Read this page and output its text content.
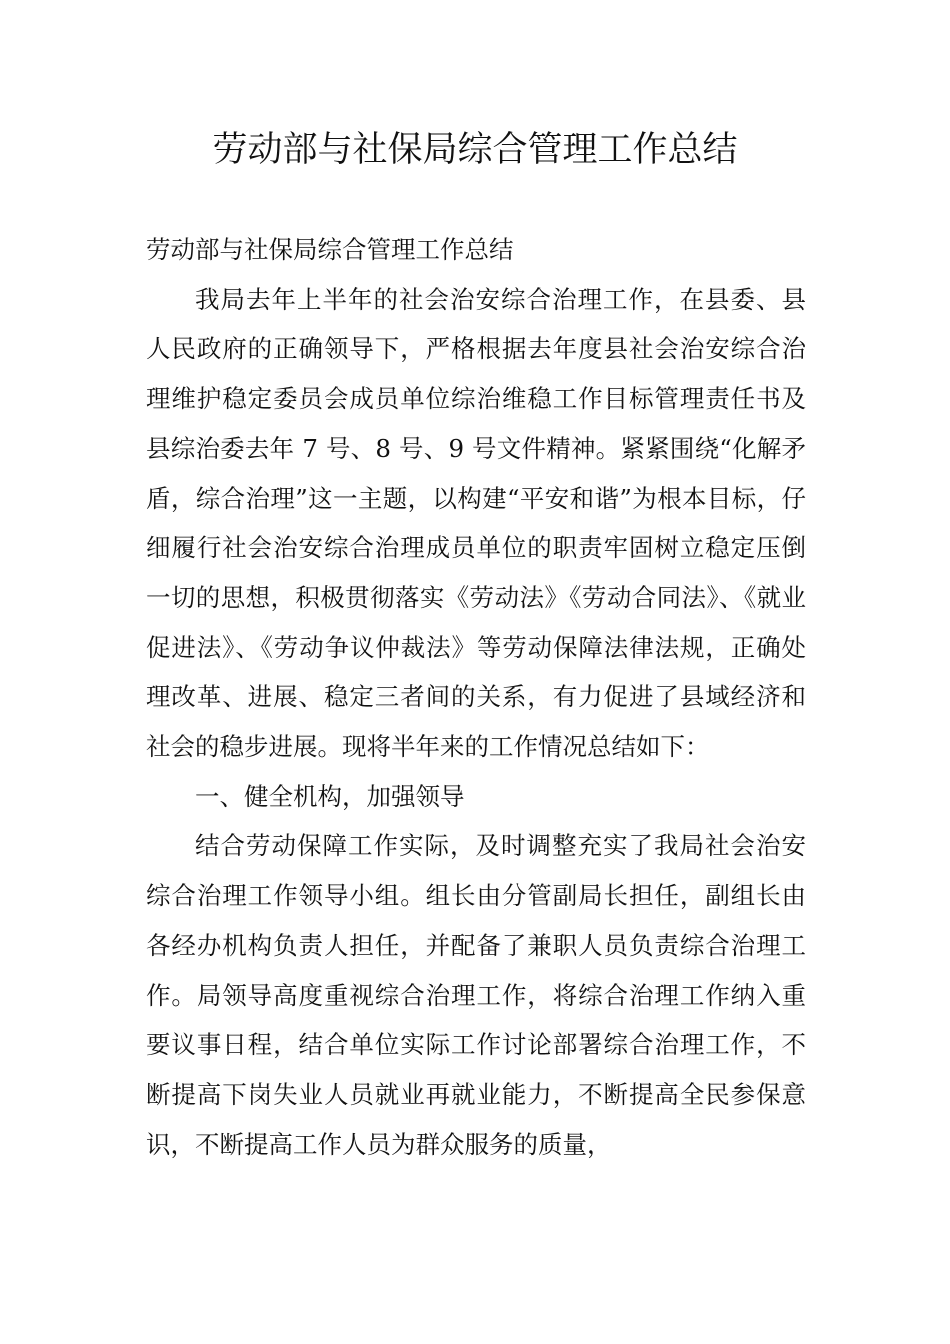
劳动部与社保局综合管理工作总结

劳动部与社保局综合管理工作总结

我局去年上半年的社会治安综合治理工作，在县委、县人民政府的正确领导下，严格根据去年度县社会治安综合治理维护稳定委员会成员单位综治维稳工作目标管理责任书及县综治委去年 7 号、8 号、9 号文件精神。紧紧围绕“化解矛盾，综合治理”这一主题，以构建“平安和谐”为根本目标，仔细履行社会治安综合治理成员单位的职责牢固树立稳定压倒一切的思想，积极贯彻落实《劳动法》《劳动合同法》、《就业促进法》、《劳动争议仲裁法》等劳动保障法律法规，正确处理改革、进展、稳定三者间的关系，有力促进了县域经济和社会的稳步进展。现将半年来的工作情况总结如下：

一、健全机构，加强领导

结合劳动保障工作实际，及时调整充实了我局社会治安综合治理工作领导小组。组长由分管副局长担任，副组长由各经办机构负责人担任，并配备了兼职人员负责综合治理工作。局领导高度重视综合治理工作，将综合治理工作纳入重要议事日程，结合单位实际工作讨论部署综合治理工作，不断提高下岗失业人员就业再就业能力，不断提高全民参保意识，不断提高工作人员为群众服务的质量，
